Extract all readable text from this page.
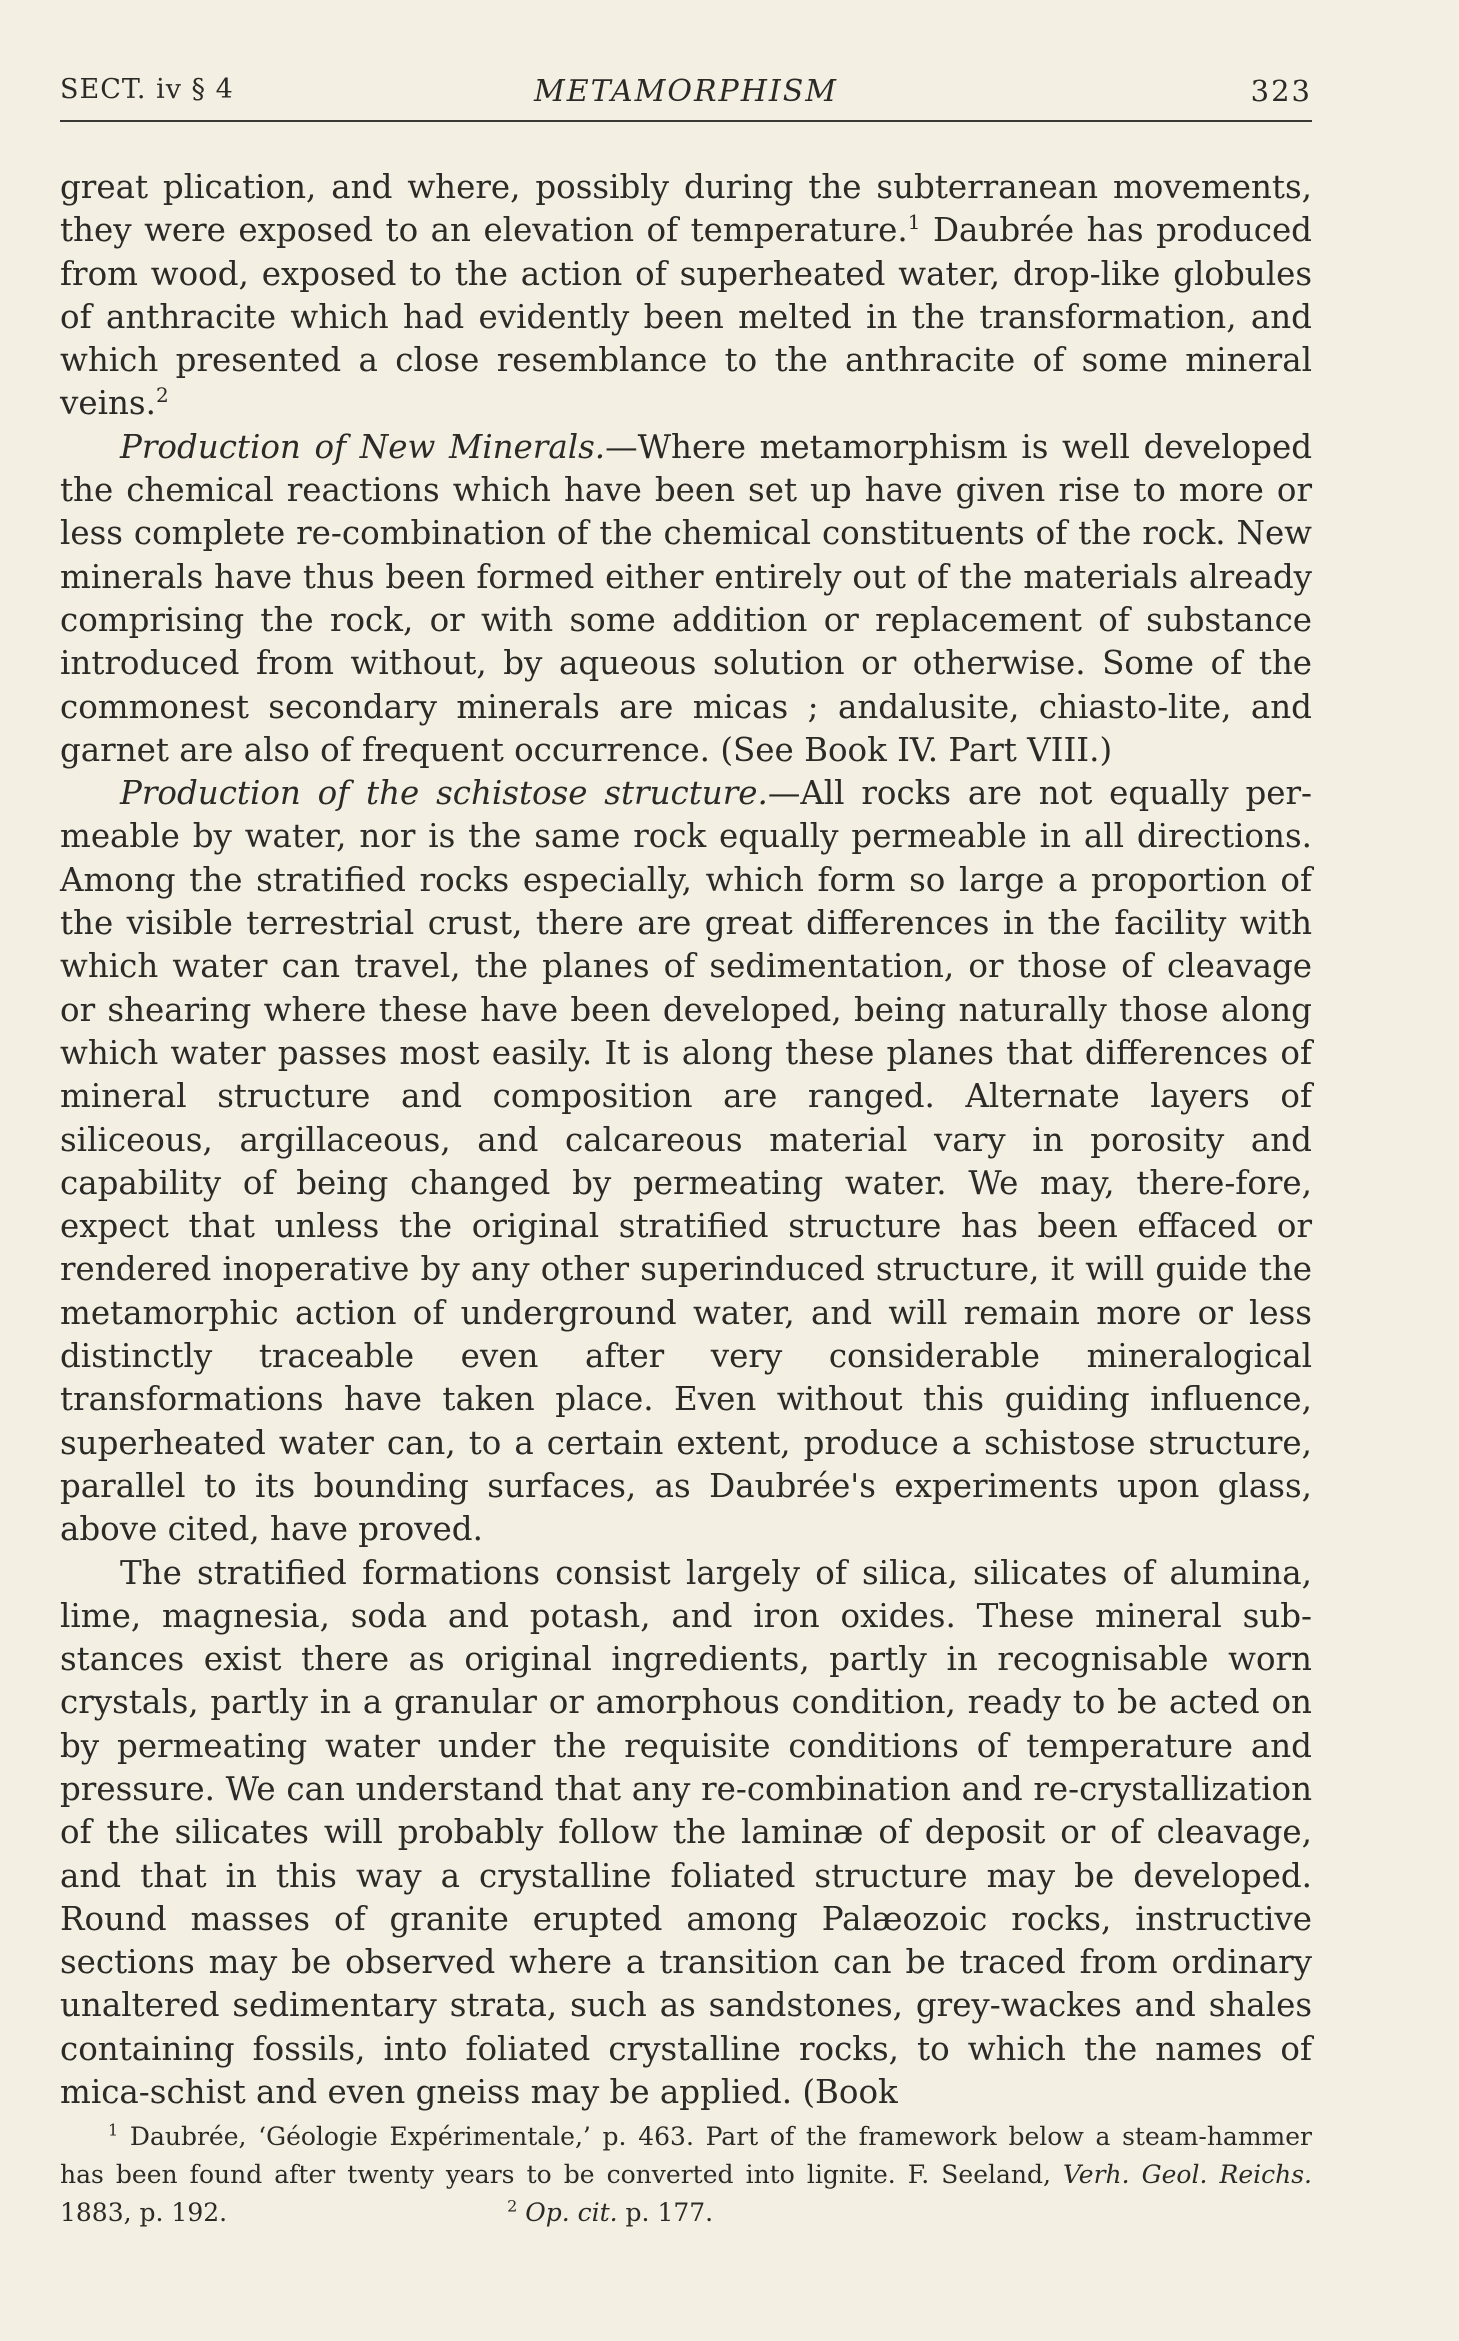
SECT. iv § 4	METAMORPHISM	323

great plication, and where, possibly during the subterranean movements, they were exposed to an elevation of temperature.$^1$ Daubrée has produced from wood, exposed to the action of superheated water, drop-like globules of anthracite which had evidently been melted in the transformation, and which presented a close resemblance to the anthracite of some mineral veins.$^2$

Production of New Minerals.—Where metamorphism is well developed the chemical reactions which have been set up have given rise to more or less complete re-combination of the chemical constituents of the rock. New minerals have thus been formed either entirely out of the materials already comprising the rock, or with some addition or replacement of substance introduced from without, by aqueous solution or otherwise. Some of the commonest secondary minerals are micas ; andalusite, chiasto-lite, and garnet are also of frequent occurrence. (See Book IV. Part VIII.)

Production of the schistose structure.—All rocks are not equally per-meable by water, nor is the same rock equally permeable in all directions. Among the stratified rocks especially, which form so large a proportion of the visible terrestrial crust, there are great differences in the facility with which water can travel, the planes of sedimentation, or those of cleavage or shearing where these have been developed, being naturally those along which water passes most easily. It is along these planes that differences of mineral structure and composition are ranged. Alternate layers of siliceous, argillaceous, and calcareous material vary in porosity and capability of being changed by permeating water. We may, there-fore, expect that unless the original stratified structure has been effaced or rendered inoperative by any other superinduced structure, it will guide the metamorphic action of underground water, and will remain more or less distinctly traceable even after very considerable mineralogical transformations have taken place. Even without this guiding influence, superheated water can, to a certain extent, produce a schistose structure, parallel to its bounding surfaces, as Daubrée's experiments upon glass, above cited, have proved.

The stratified formations consist largely of silica, silicates of alumina, lime, magnesia, soda and potash, and iron oxides. These mineral sub-stances exist there as original ingredients, partly in recognisable worn crystals, partly in a granular or amorphous condition, ready to be acted on by permeating water under the requisite conditions of temperature and pressure. We can understand that any re-combination and re-crystallization of the silicates will probably follow the laminæ of deposit or of cleavage, and that in this way a crystalline foliated structure may be developed. Round masses of granite erupted among Palæozoic rocks, instructive sections may be observed where a transition can be traced from ordinary unaltered sedimentary strata, such as sandstones, grey-wackes and shales containing fossils, into foliated crystalline rocks, to which the names of mica-schist and even gneiss may be applied. (Book

$^1$ Daubrée, ‘Géologie Expérimentale,’ p. 463. Part of the framework below a steam-hammer has been found after twenty years to be converted into lignite. F. Seeland, Verh. Geol. Reichs. 1883, p. 192.	$^2$ Op. cit. p. 177.
